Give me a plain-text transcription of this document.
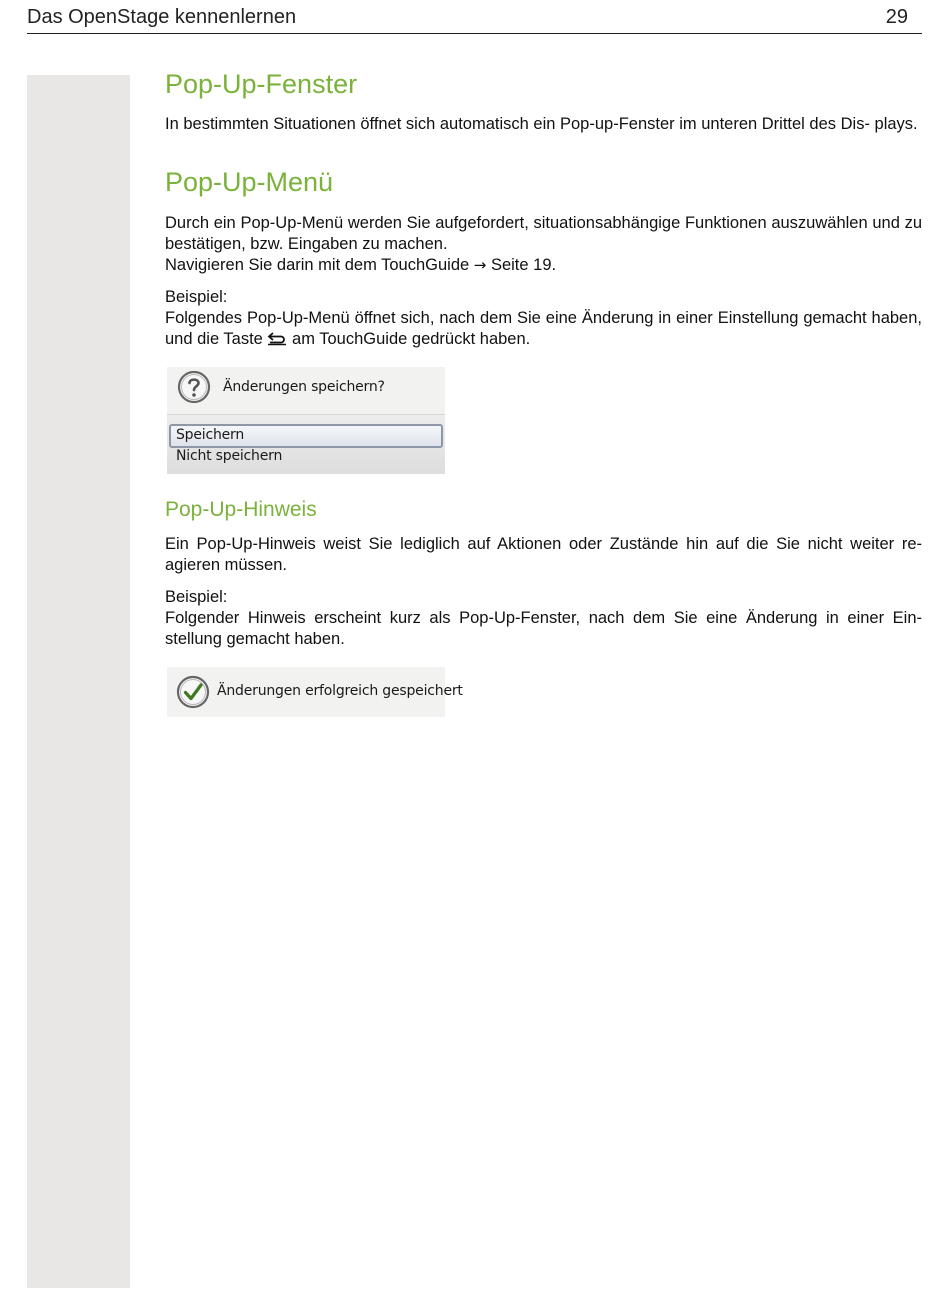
Das OpenStage kennenlernen	29
Pop-Up-Fenster

In bestimmten Situationen öffnet sich automatisch ein Pop-up-Fenster im unteren Drittel des Dis- plays.

Pop-Up-Menü

Durch ein Pop-Up-Menü werden Sie aufgefordert, situationsabhängige Funktionen auszuwählen und zu bestätigen, bzw. Eingaben zu machen.
Navigieren Sie darin mit dem TouchGuide → Seite 19.

Beispiel:
Folgendes Pop-Up-Menü öffnet sich, nach dem Sie eine Änderung in einer Einstellung gemacht haben, und die Taste am TouchGuide gedrückt haben.

Änderungen speichern?
Speichern
Nicht speichern
Pop-Up-Hinweis

Ein Pop-Up-Hinweis weist Sie lediglich auf Aktionen oder Zustände hin auf die Sie nicht weiter re- agieren müssen.

Beispiel:
Folgender Hinweis erscheint kurz als Pop-Up-Fenster, nach dem Sie eine Änderung in einer Ein- stellung gemacht haben.

Änderungen erfolgreich gespeichert
